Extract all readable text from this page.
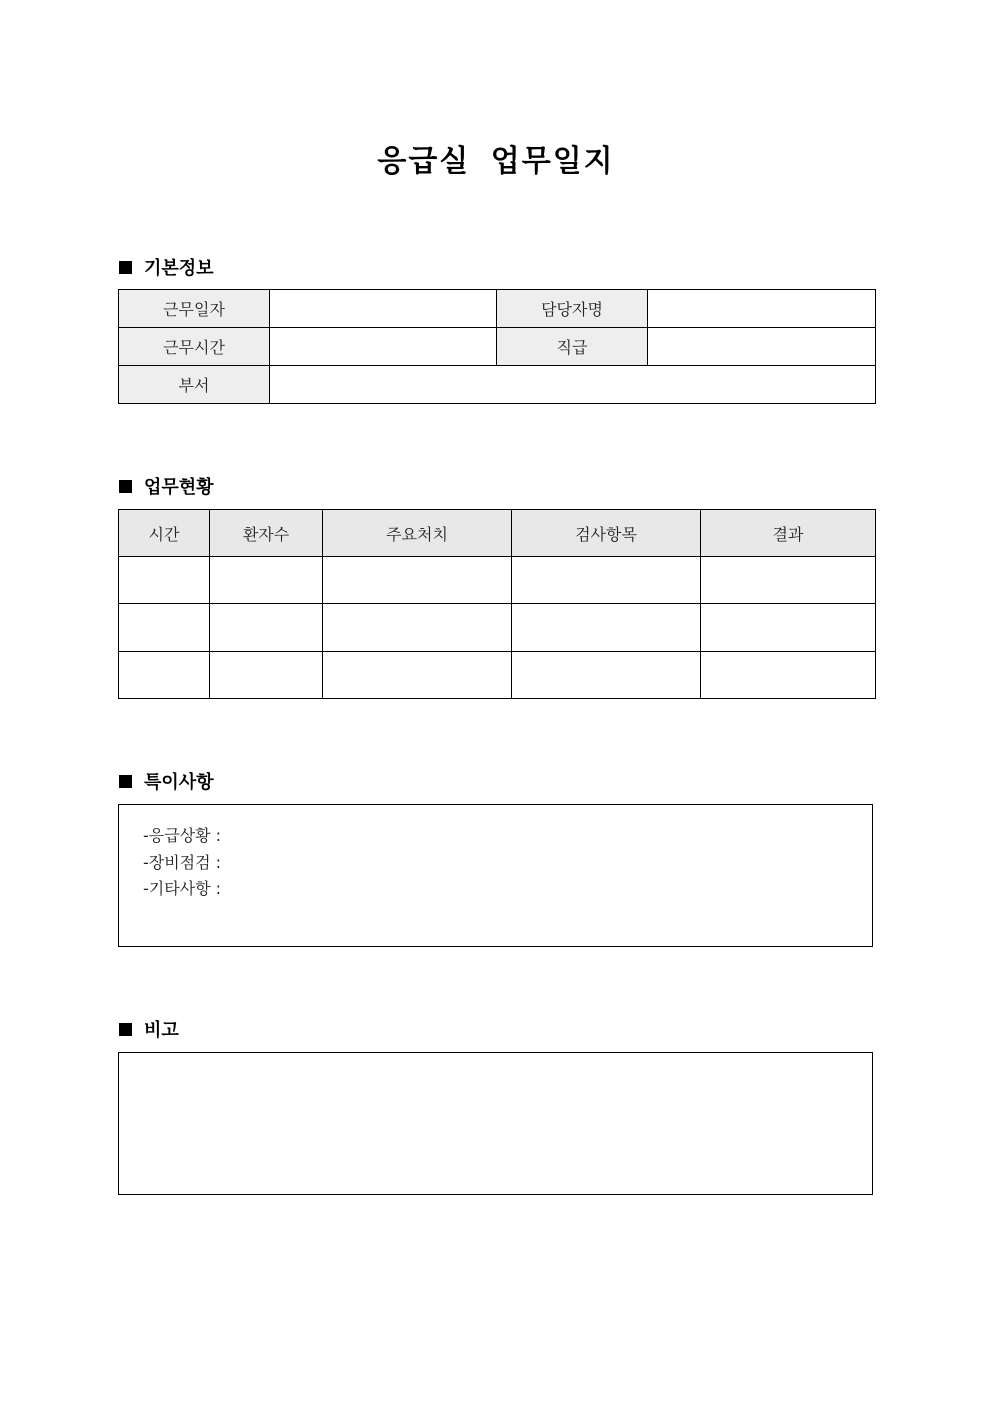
응급실 업무일지
기본정보
근무일자		담당자명	
근무시간		직급	
부서			
업무현황
시간	환자수	주요처치	검사항목	결과

특이사항
-응급상황 :
-장비점검 :
-기타사항 :
비고
